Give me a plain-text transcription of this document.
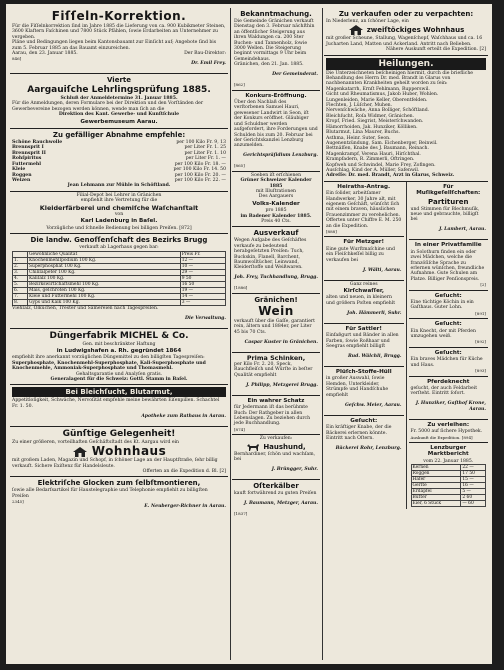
Fiſſeln-Korrektion.

Für die Fiſſelnkorrektion ſind im Jahre 1885 die Lieferung von ca. 900 Kubikmeter Steinen, 3600 Klaftern Faſchinen und 7800 Stück Pfählen, ſowie Erdarbeiten an Unternehmer zu vergeben.

Pläne und Bedingungen liegen beim Kantonsbauamt zur Einſicht auf; Angebote ſind bis zum 5. Februar 1885 an das Bauamt einzureichen.

Aarau, den 23. Januar 1885.	Der Bau-Direktor:

846]

Dr. Emil Frey.

Vierte
Aargauiſche Lehrlingsprüfung 1885.

Schluß der Anmeldetermine 31. Januar 1885.

Für die Anmeldungen, deren Formulare bei der Direktion und den Vorſtänden der Gewerbevereine bezogen werden können, wende man ſich an die

Direktion des Kant. Gewerbe- und Kunſtſchule

Gewerbemuseum Aarau.

Zu gefälliger Abnahme empfehle:
Schöne Rauchwolle	per 100 Kilo Fr. 9, 13
Brennsprit I	per Liter Fr. 1. 25
Brennsprit II	per Liter Fr. 1. 10
Rohſpiritus	per Liter Fr. 1. —
Futtermehl	per 100 Kilo Fr. 18. —
Kleie	per 100 Kilo Fr. 14. 50
Roggen	per 100 Kilo Fr. 20. —
Weizen	per 100 Kilo Fr. 22. —

Jean Lehmann zur Mühle in Schöftland.

Filial-Depot bei Lehrer in Gränichen

empfiehlt ihre Vertretung für die

Kleiderfärberei und chemiſche Waſchanſtalt

von

Karl Ladenburg in Baſel.

Vorzügliche und ſchnelle Bedienung bei billigen Preiſen. [872]

Die landw. Genoſſenſchaft des Bezirks Brugg

verkauft ab Lagerhaus gegen bar:

	Gewöhnliche Qualität	Preis Fr.
1.	Knochenmehlſpodium 100 Kg.	12 —
2.	Superphosphat 100 Kg.	10 —
3.	Chiliſalpeter 100 Kg.	29 —
4.	Kaliſalz 100 Kg.	9 50
5.	Bezirkswirtſchaftsmehl 100 Kg.	16 50
6.	Mais, geſchroten 100 Kg.	19 —
7.	Kleie und Futtermehl 100 Kg.	14 —
8.	Gyps und Kalk 100 Kg.	3 —

Viehſalz, Ölkuchen, Trester und Sämereien nach Tagespreiſen.

Die Verwaltung.

Düngerfabrik MICHEL & Co.

Gen. mit beschränkter Haftung

in Ludwigshafen a. Rh. gegründet 1864

empfiehlt ihre anerkannt vorzüglichen Düngemittel zu den billigſten Tagespreiſen:

Superphosphate, Knochenmehl-Superphosphate, Kali-Superphosphate und Knochenmehle, Ammoniak-Superphosphate und Thomasmehl.

Gehaltsgarantie und Analyſen gratis.

Generalagent für die Schweiz: Gottl. Stamm in Baſel.

Bei Bleichſucht, Blutarmut,

Appetitloſigkeit, Schwäche, Nervoſität empfehle meine bewährten Eiſenpillen. Schachtel Fr. 1. 50.

Apotheke zum Rathaus in Aarau.

Günſtige Gelegenheit!

Zu einer größeren, vorteilhaften Geſchäftsſtadt des Kt. Aargau wird ein

Wohnhaus

mit großem Laden, Magazin und Schopf, in ſchöner Lage an der Hauptſtraße, ſehr billig verkauft. Sichere Exiſtenz für Handelsleute.

Offerten an die Expedition d. Bl. [2]

Elektriſche Glocken zum ſelbſtmontieren,

ſowie alle Bedarfsartikel für Haustelegraphie und Telephonie empfiehlt zu billigſten Preiſen

2345]

E. Neuberger-Richner in Aarau.

Bekanntmachung.

Die Gemeinde Gränichen verkauft Dienstag den 3. Februar nächſthin an öffentlicher Steigerung aus ihren Waldungen ca. 200 Ster Buchen- und Tannenholz, ſowie 3000 Wellen. Die Steigerung beginnt vormittags 9 Uhr beim Gemeindehaus.

Gränichen, den 21. Jan. 1885.

Der Gemeinderat.

[862]

Konkurs-Eröffnung.

Über den Nachlaß des verſtorbenen Samuel Hauri, gewesener Landwirt in Seon, iſt der Konkurs eröffnet. Gläubiger und Schuldner werden aufgefordert, ihre Forderungen und Schulden bis zum 20. Februar bei der Gerichtskanzlei Lenzburg anzumelden.

Gerichtspräſidium Lenzburg.

[865]

Soeben iſt erſchienen

Grüner Schweizer Kalender 1885

mit Illuſtrationen

Des Aargauers

Volks-Kalender

pro 1885

im Badener Kalender 1885.

Preis 40 Cts.

Ausverkauf

Wegen Aufgabe des Geſchäftes verkaufe zu bedeutend herabgeſetzten Preiſen: Tuch, Buckskin, Flanell, Barchent, Baumwolltücher, Leinwand, Kleiderſtoffe und Weißwaren.

Joh. Frey, Tuchhandlung, Brugg.

[1886]

Gränichen!
Wein

verkauft über die Gaſſe, garantiert rein, ältern und 1884er, per Liter 45 bis 70 Cts.

Caspar Kuster in Gränichen.

Prima Schinken,

per Kilo Fr. 2. 20, Speck, Rauchfleiſch und Würſte in beſter Qualität empfiehlt

J. Philipp, Metzgerei Brugg.

Ein wahrer Schatz

für Jedermann iſt das berühmte Buch: Der Rathgeber in allen Lebenslagen. Zu beziehen durch jede Buchhandlung.

[874]

Zu verkaufen:

Haushund,

Bernhardiner, ſchön und wachſam, bei

J. Brüngger, Suhr.

Oſterkälber

kauft fortwährend zu guten Preiſen

J. Baumann, Metzger, Aarau.

[1837]

Zu verkaufen oder zu verpachten:

In Niederlenz, an ſchöner Lage, ein

zweiſtöckiges Wohnhaus

mit großer Scheune, Stallung, Wagenſchopf, Waſchhaus und ca. 16 Jucharten Land, Matten und Ackerland. Antritt nach Belieben.

Nähere Auskunft erteilt die Expedition. [2]

Heilungen.

Die Unterzeichneten beſcheinigen hiermit, durch die briefliche Behandlung des Herrn Dr. med. Brandt in Glarus von nachbenannten Krankheiten geheilt worden zu ſein:

Magenkatarrh, Ernſt Fehlmann, Rupperswil.

Gicht und Rheumatismus, Jakob Huber, Wohlen.

Lungenleiden, Marie Keller, Oberentfelden.

Flechten, J. Lüſcher, Muhen.

Nervenſchwäche, Anna Bolliger, Schöftland.

Bleichſucht, Roſa Widmer, Gränichen.

Kropf, Fried. Siegrist, Meisterſchwanden.

Hämorrhoiden, Jak. Hunziker, Kölliken.

Blutarmut, Lina Maurer, Buchs.

Asthma, Heinr. Suter, Seon.

Augenentzündung, Sam. Eichenberger, Beinwil.

Bettnäſſen, Knabe des J. Baumann, Reinach.

Magenkrampf, Verena Hauri, Hirſchthal.

Krampfadern, R. Zimmerli, Oftringen.

Kopfweh und Schwindel, Marie Frey, Zofingen.

Ausſchlag, Kind der A. Müller, Safenwil.

Adreſſe: Dr. med. Brandt, Arzt in Glarus, Schweiz.

Heiraths-Antrag.

Ein ſolider, arbeitſamer Handwerker, 30 Jahre alt, mit eigenem Geſchäft, wünſcht ſich mit einem braven, häuslichen Frauenzimmer zu verehelichen. Offerten unter Chiffre E. M. 250 an die Expedition.

[888]

Für Metzger!

Eine gute Wurſtmaſchine und ein Fleiſchkeſſel billig zu verkaufen bei

J. Wälti, Aarau.

Ganz reines

Kirſchwaſſer,

alten und neuen, in kleinern und größern Poſten empfiehlt

Joh. Hämmerli, Suhr.

Für Sattler!

Einfaßgurt und Bänder in allen Farben, ſowie Roßhaar und Seegras empfiehlt billigſt

Rud. Wälchli, Brugg.

Plüſch-Stoffe-Hüll

in großer Auswahl, ſowie Hemden, Unterkleider, Strümpfe und Handſchuhe empfiehlt

Geſchw. Meier, Aarau.

Geſucht:

Ein kräftiger Knabe, der die Bäckerei erlernen könnte. Eintritt nach Oſtern.

Bäckerei Rohr, Lenzburg.

Für Muſikgeſellſchaften:
Partituren

und Stimmen für Blechmuſik, neue und gebrauchte, billigſt bei

J. Lambert, Aarau.

In einer Privatfamilie

in Solothurn finden ein oder zwei Mädchen, welche die franzöſiſche Sprache zu erlernen wünſchen, freundliche Aufnahme. Gute Schulen am Platze. Billiger Penſionspreis.

[2]

Geſucht:

Eine tüchtige Köchin in ein Gaſthaus. Guter Lohn.

[891]

Geſucht:

Ein Knecht, der mit Pferden umzugehen weiß.

[892]

Geſucht:

Ein braves Mädchen für Küche und Haus.

[893]

Pferdeknecht

geſucht, der auch Feldarbeit verſteht. Eintritt ſofort.

J. Hunziker, Gaſthof Krone, Aarau.

Zu verleihen:

Fr. 5000 auf ſichere Hypothek.

Auskunft die Expedition. [894]

Lenzburger Marktbericht

vom 22. Januar 1885.

Kernen	22 —
Roggen	17 50
Hafer	15 —
Gerſte	16 —
Erdäpfel	5 —
Butter	2 60
Eier, 6 Stück	— 60
